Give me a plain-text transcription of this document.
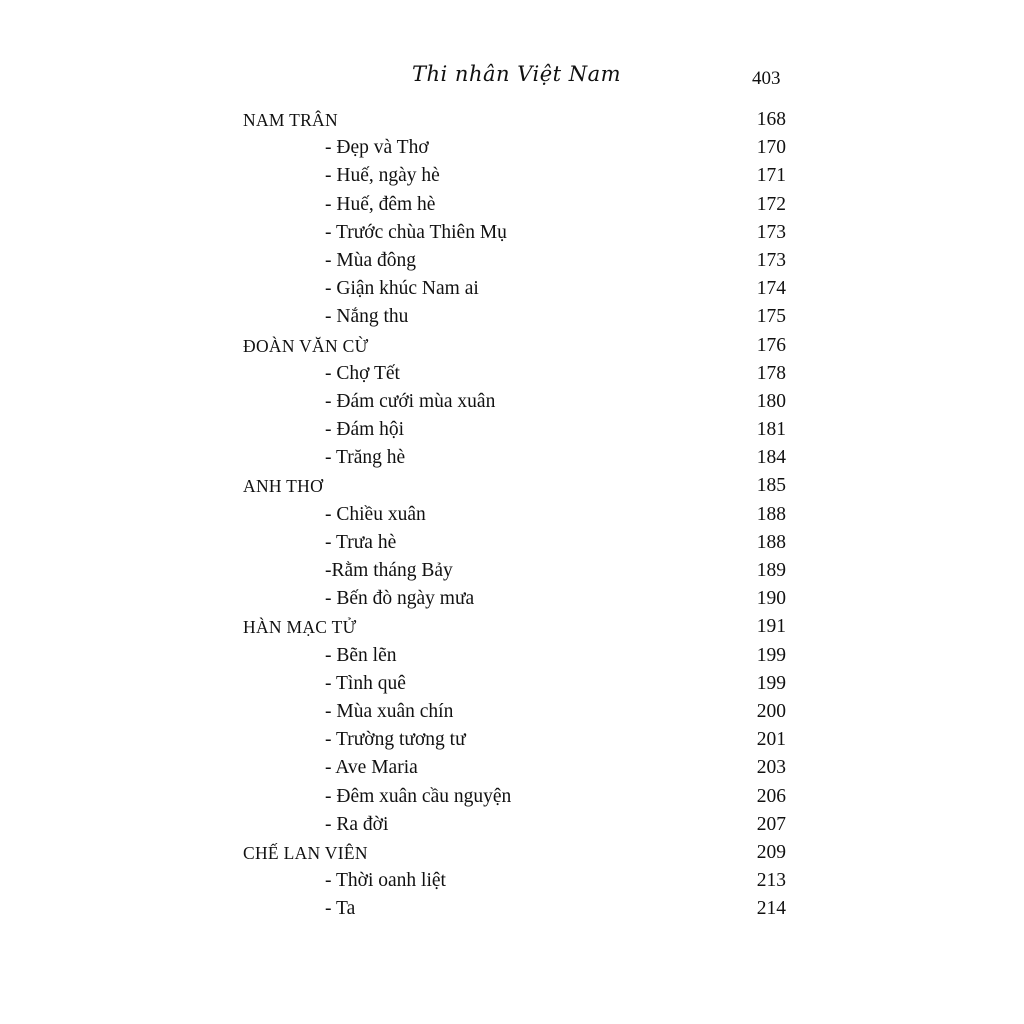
Thi nhân Việt Nam	403
NAM TRÂN	168
- Đẹp và Thơ	170
- Huế, ngày hè	171
- Huế, đêm hè	172
- Trước chùa Thiên Mụ	173
- Mùa đông	173
- Giận khúc Nam ai	174
- Nắng thu	175
ĐOÀN VĂN CỪ	176
- Chợ Tết	178
- Đám cưới mùa xuân	180
- Đám hội	181
- Trăng hè	184
ANH THƠ	185
- Chiều xuân	188
- Trưa hè	188
-Rằm tháng Bảy	189
- Bến đò ngày mưa	190
HÀN MẠC TỬ	191
- Bẽn lẽn	199
- Tình quê	199
- Mùa xuân chín	200
- Trường tương tư	201
- Ave Maria	203
- Đêm xuân cầu nguyện	206
- Ra đời	207
CHẾ LAN VIÊN	209
- Thời oanh liệt	213
- Ta	214
